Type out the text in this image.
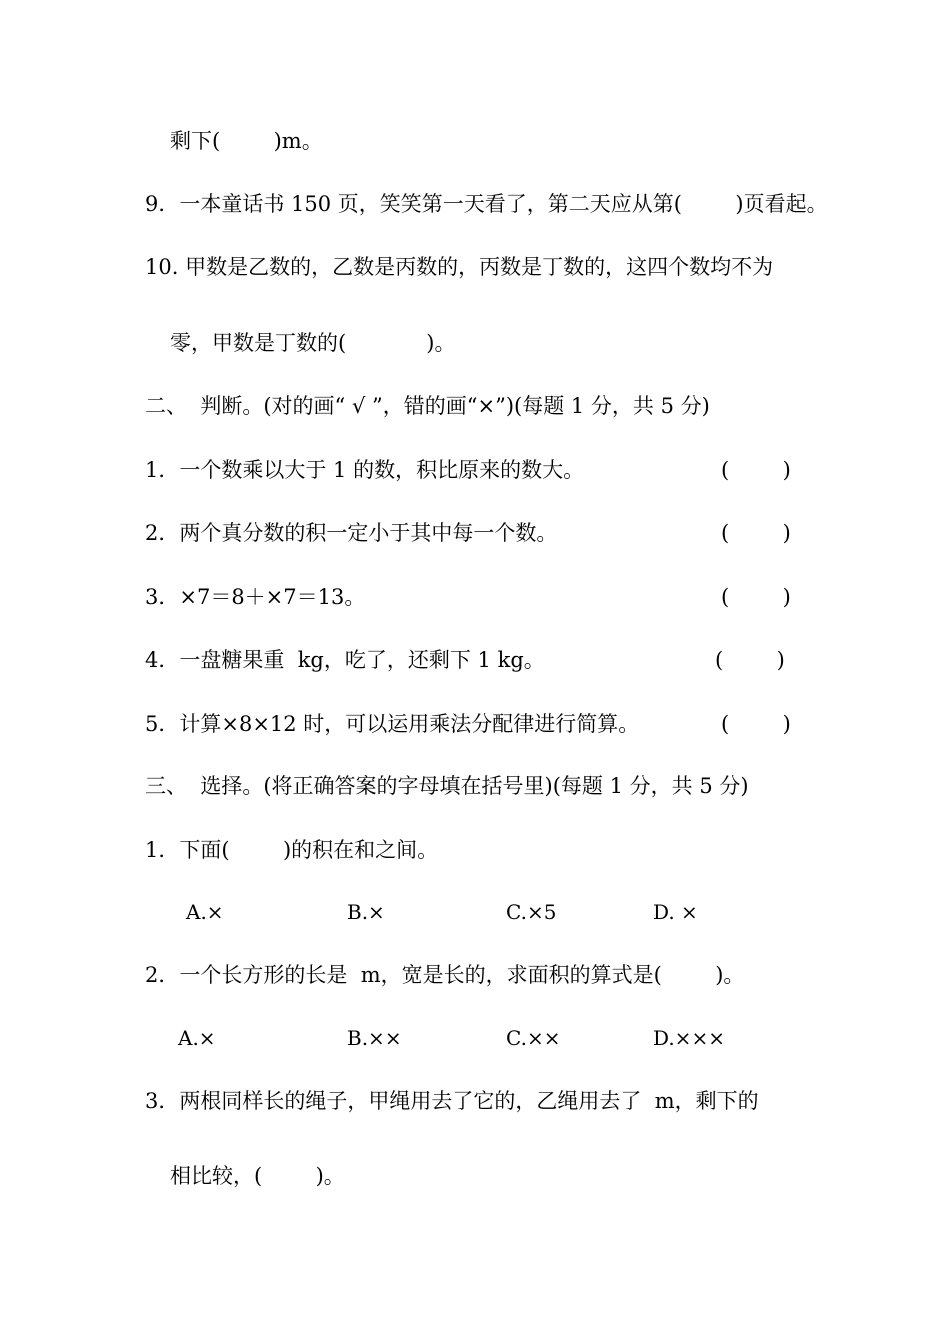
剩下(        )m。

9．一本童话书 150 页，笑笑第一天看了，第二天应从第(        )页看起。

10. 甲数是乙数的，乙数是丙数的，丙数是丁数的，这四个数均不为

零，甲数是丁数的(            )。

二、  判断。(对的画“ √ ”，错的画“×”)(每题 1 分，共 5 分)

1．一个数乘以大于 1 的数，积比原来的数大。	(        )

2．两个真分数的积一定小于其中每一个数。	(        )

3．×7＝8＋×7＝13。	(        )

4．一盘糖果重  kg，吃了，还剩下 1 kg。	(        )

5．计算×8×12 时，可以运用乘法分配律进行简算。	(        )

三、  选择。(将正确答案的字母填在括号里)(每题 1 分，共 5 分)

1．下面(        )的积在和之间。

A.×	B.×	C.×5	D. ×

2．一个长方形的长是  m，宽是长的，求面积的算式是(        )。

A.×	B.××	C.××	D.×××

3．两根同样长的绳子，甲绳用去了它的，乙绳用去了  m，剩下的

相比较，(        )。
